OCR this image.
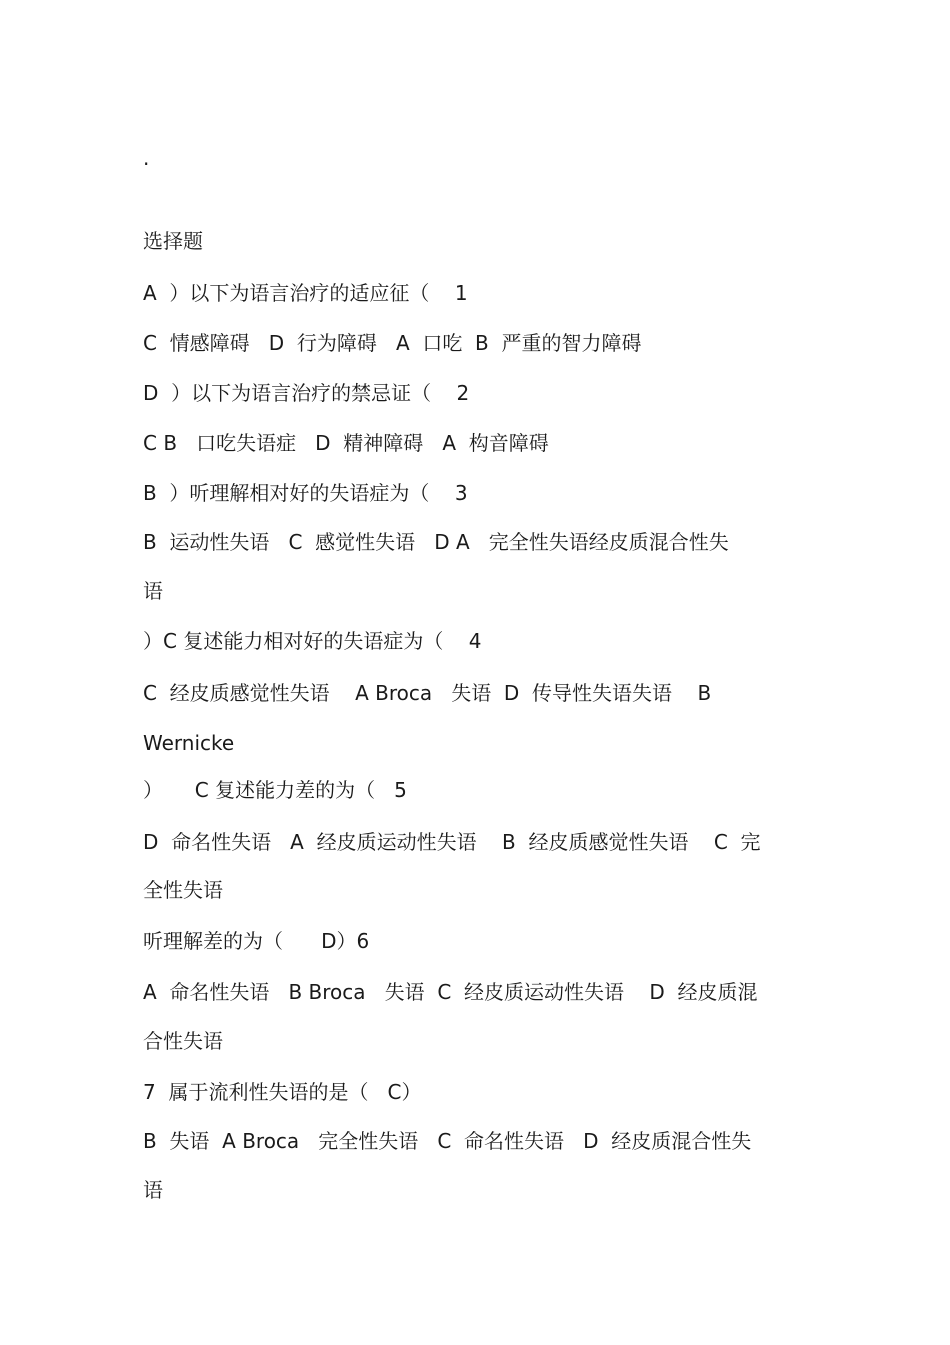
.
选择题
A  ）以下为语言治疗的适应征（    1
C  情感障碍   D  行为障碍   A  口吃  B  严重的智力障碍
D  ）以下为语言治疗的禁忌证（    2
C B   口吃失语症   D  精神障碍   A  构音障碍
B  ）听理解相对好的失语症为（    3
B  运动性失语   C  感觉性失语   D A   完全性失语经皮质混合性失
语
）C 复述能力相对好的失语症为（    4
C  经皮质感觉性失语    A Broca   失语  D  传导性失语失语    B
Wernicke
）     C 复述能力差的为（   5
D  命名性失语   A  经皮质运动性失语    B  经皮质感觉性失语    C  完
全性失语
听理解差的为（      D）6
A  命名性失语   B Broca   失语  C  经皮质运动性失语    D  经皮质混
合性失语
7  属于流利性失语的是（   C）
B  失语  A Broca   完全性失语   C  命名性失语   D  经皮质混合性失
语
